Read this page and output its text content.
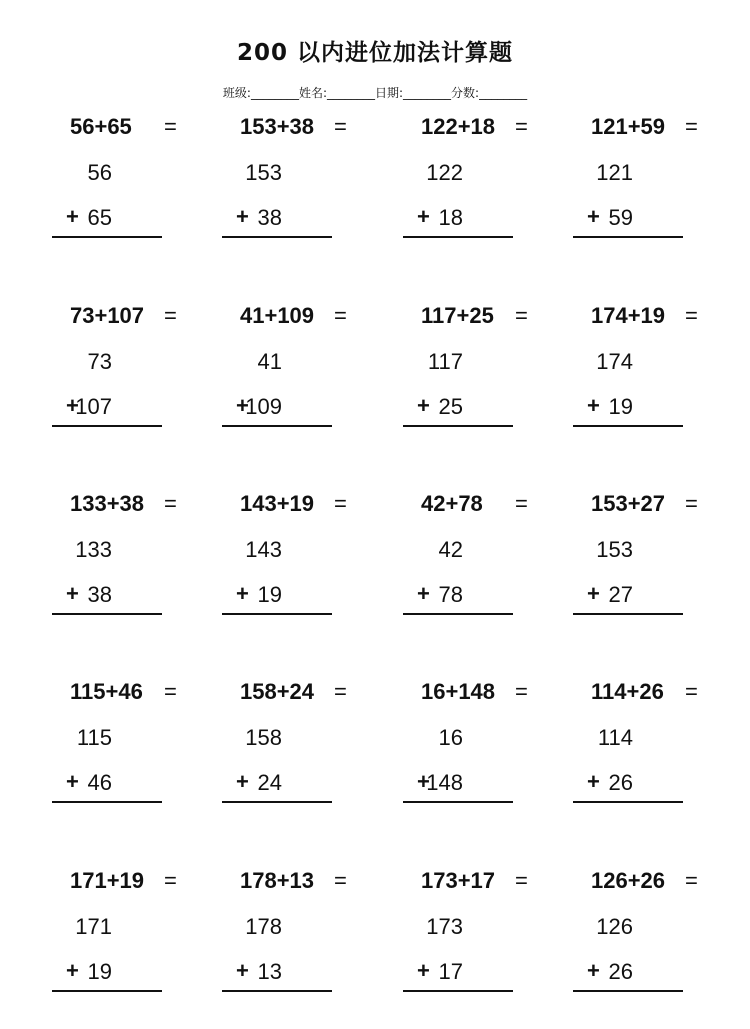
200 以内进位加法计算题
班级:________姓名:________日期:________分数:________
56+65 =
56
+ 65
153+38 =
153
+ 38
122+18 =
122
+ 18
121+59 =
121
+ 59
73+107 =
73
+
107
41+109 =
41
+
109
117+25 =
117
+ 25
174+19 =
174
+ 19
133+38 =
133
+ 38
143+19 =
143
+ 19
42+78 =
42
+ 78
153+27 =
153
+ 27
115+46 =
115
+ 46
158+24 =
158
+ 24
16+148 =
16
+
148
114+26 =
114
+ 26
171+19 =
171
+ 19
178+13 =
178
+ 13
173+17 =
173
+ 17
126+26 =
126
+ 26
